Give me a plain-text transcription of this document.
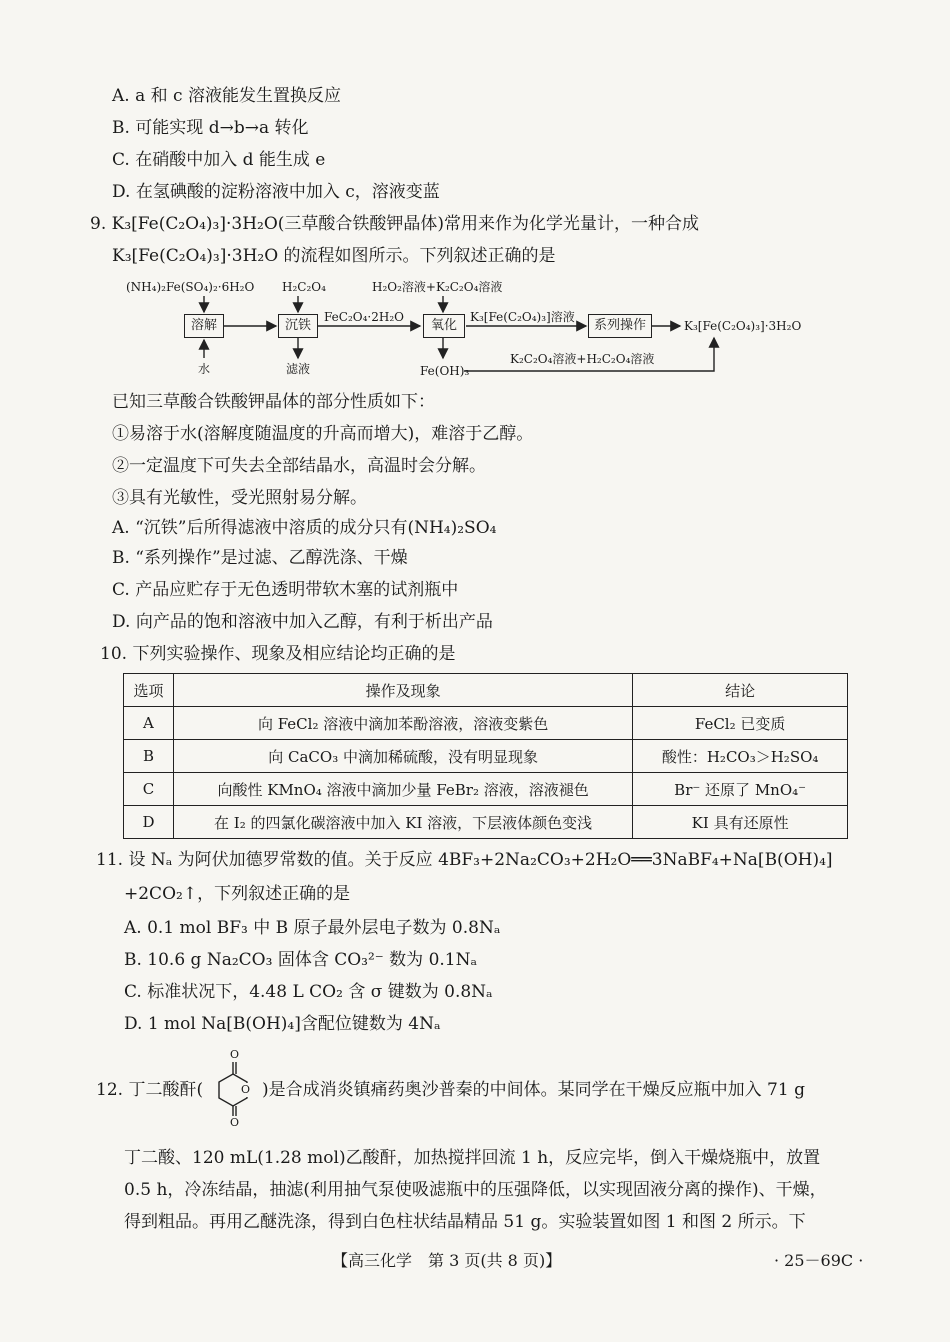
A. a 和 c 溶液能发生置换反应
B. 可能实现 d→b→a 转化
C. 在硝酸中加入 d 能生成 e
D. 在氢碘酸的淀粉溶液中加入 c，溶液变蓝
9. K₃[Fe(C₂O₄)₃]·3H₂O(三草酸合铁酸钾晶体)常用来作为化学光量计，一种合成
K₃[Fe(C₂O₄)₃]·3H₂O 的流程如图所示。下列叙述正确的是
(NH₄)₂Fe(SO₄)₂·6H₂O H₂C₂O₄	H₂O₂溶液+K₂C₂O₄溶液
溶解	沉铁	氧化	系列操作
FeC₂O₄·2H₂O	K₃[Fe(C₂O₄)₃]溶液
K₃[Fe(C₂O₄)₃]·3H₂O
水	滤液	Fe(OH)₃
K₂C₂O₄溶液+H₂C₂O₄溶液
已知三草酸合铁酸钾晶体的部分性质如下：
①易溶于水(溶解度随温度的升高而增大)，难溶于乙醇。
②一定温度下可失去全部结晶水，高温时会分解。
③具有光敏性，受光照射易分解。
A. “沉铁”后所得滤液中溶质的成分只有(NH₄)₂SO₄
B. “系列操作”是过滤、乙醇洗涤、干燥
C. 产品应贮存于无色透明带软木塞的试剂瓶中
D. 向产品的饱和溶液中加入乙醇，有利于析出产品
10. 下列实验操作、现象及相应结论均正确的是
选项	操作及现象	结论
A	向 FeCl₂ 溶液中滴加苯酚溶液，溶液变紫色	FeCl₂ 已变质
B	向 CaCO₃ 中滴加稀硫酸，没有明显现象	酸性：H₂CO₃＞H₂SO₄
C	向酸性 KMnO₄ 溶液中滴加少量 FeBr₂ 溶液，溶液褪色	Br⁻ 还原了 MnO₄⁻
D	在 I₂ 的四氯化碳溶液中加入 KI 溶液，下层液体颜色变浅	KI 具有还原性
11. 设 Nₐ 为阿伏加德罗常数的值。关于反应 4BF₃+2Na₂CO₃+2H₂O══3NaBF₄+Na[B(OH)₄]
+2CO₂↑，下列叙述正确的是
A. 0.1 mol BF₃ 中 B 原子最外层电子数为 0.8Nₐ
B. 10.6 g Na₂CO₃ 固体含 CO₃²⁻ 数为 0.1Nₐ
C. 标准状况下，4.48 L CO₂ 含 σ 键数为 0.8Nₐ
D. 1 mol Na[B(OH)₄]含配位键数为 4Nₐ
12. 丁二酸酐(
O
O
O
)是合成消炎镇痛药奥沙普秦的中间体。某同学在干燥反应瓶中加入 71 g
丁二酸、120 mL(1.28 mol)乙酸酐，加热搅拌回流 1 h，反应完毕，倒入干燥烧瓶中，放置
0.5 h，冷冻结晶，抽滤(利用抽气泵使吸滤瓶中的压强降低，以实现固液分离的操作)、干燥，
得到粗品。再用乙醚洗涤，得到白色柱状结晶精品 51 g。实验装置如图 1 和图 2 所示。下
【高三化学　第 3 页(共 8 页)】	· 25－69C ·
